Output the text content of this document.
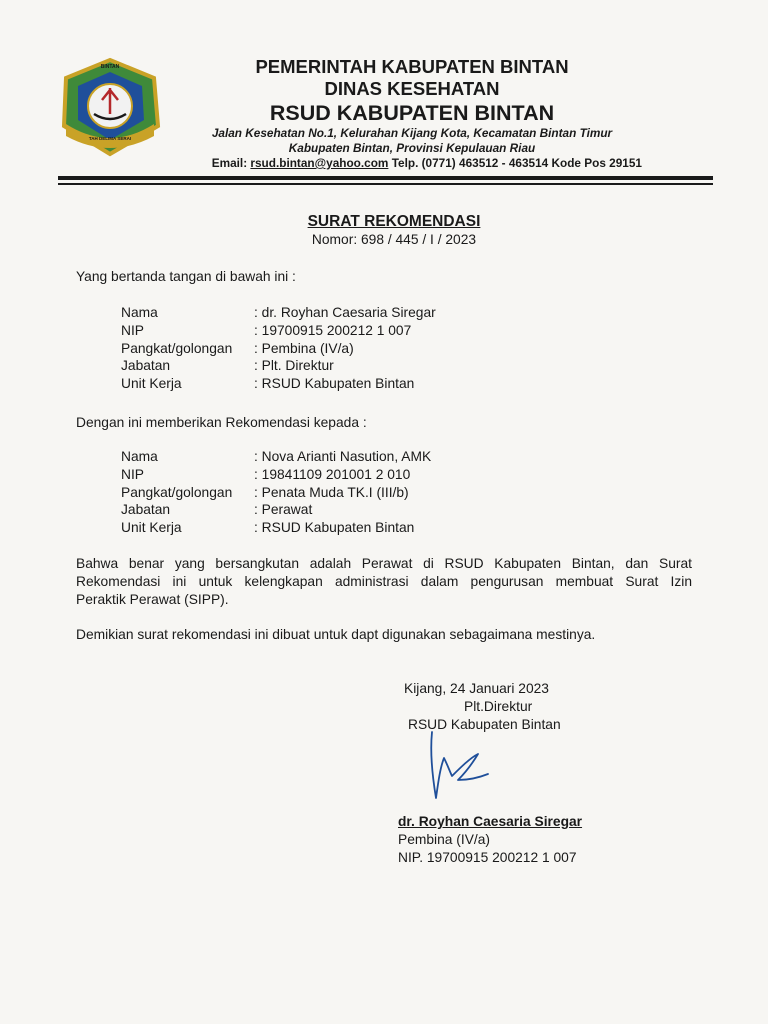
BINTAN
TAH DELIMA SERAI
PEMERINTAH KABUPATEN BINTAN
DINAS KESEHATAN
RSUD KABUPATEN BINTAN
Jalan Kesehatan No.1, Kelurahan Kijang Kota, Kecamatan Bintan Timur
Kabupaten Bintan, Provinsi Kepulauan Riau
Email: rsud.bintan@yahoo.com Telp. (0771) 463512 - 463514 Kode Pos 29151
SURAT REKOMENDASI
Nomor: 698 / 445 / I / 2023
Yang bertanda tangan di bawah ini :
Nama	: dr. Royhan Caesaria Siregar
NIP	: 19700915 200212 1 007
Pangkat/golongan	: Pembina (IV/a)
Jabatan	: Plt. Direktur
Unit Kerja	: RSUD Kabupaten Bintan
Dengan ini memberikan Rekomendasi kepada :
Nama	: Nova Arianti Nasution, AMK
NIP	: 19841109 201001 2 010
Pangkat/golongan	: Penata Muda TK.I (III/b)
Jabatan	: Perawat
Unit Kerja	: RSUD Kabupaten Bintan
Bahwa benar yang bersangkutan adalah Perawat di RSUD Kabupaten Bintan, dan Surat
Rekomendasi ini untuk kelengkapan administrasi dalam pengurusan membuat Surat Izin
Peraktik Perawat (SIPP).
Demikian surat rekomendasi ini dibuat untuk dapt digunakan sebagaimana mestinya.
Kijang, 24 Januari 2023
Plt.Direktur
RSUD Kabupaten Bintan
dr. Royhan Caesaria Siregar
Pembina (IV/a)
NIP. 19700915 200212 1 007
